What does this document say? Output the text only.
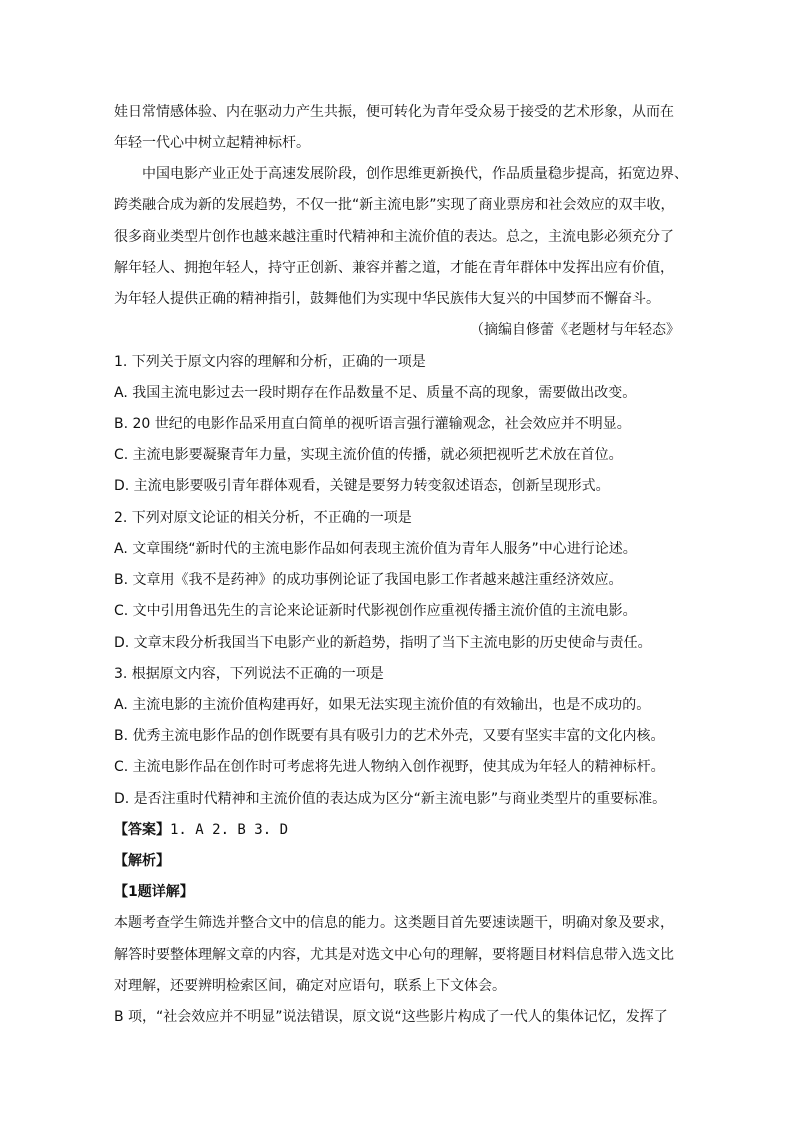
娃日常情感体验、内在驱动力产生共振，便可转化为青年受众易于接受的艺术形象，从而在
年轻一代心中树立起精神标杆。
中国电影产业正处于高速发展阶段，创作思维更新换代，作品质量稳步提高，拓宽边界、
跨类融合成为新的发展趋势，不仅一批“新主流电影”实现了商业票房和社会效应的双丰收，
很多商业类型片创作也越来越注重时代精神和主流价值的表达。总之，主流电影必须充分了
解年轻人、拥抱年轻人，持守正创新、兼容并蓄之道，才能在青年群体中发挥出应有价值，
为年轻人提供正确的精神指引，鼓舞他们为实现中华民族伟大复兴的中国梦而不懈奋斗。
（摘编自修蕾《老题材与年轻态》
1. 下列关于原文内容的理解和分析，正确的一项是
A. 我国主流电影过去一段时期存在作品数量不足、质量不高的现象，需要做出改变。
B. 20 世纪的电影作品采用直白简单的视听语言强行灌输观念，社会效应并不明显。
C. 主流电影要凝聚青年力量，实现主流价值的传播，就必须把视听艺术放在首位。
D. 主流电影要吸引青年群体观看，关键是要努力转变叙述语态，创新呈现形式。
2. 下列对原文论证的相关分析，不正确的一项是
A. 文章围绕“新时代的主流电影作品如何表现主流价值为青年人服务”中心进行论述。
B. 文章用《我不是药神》的成功事例论证了我国电影工作者越来越注重经济效应。
C. 文中引用鲁迅先生的言论来论证新时代影视创作应重视传播主流价值的主流电影。
D. 文章末段分析我国当下电影产业的新趋势，指明了当下主流电影的历史使命与责任。
3. 根据原文内容，下列说法不正确的一项是
A. 主流电影的主流价值构建再好，如果无法实现主流价值的有效输出，也是不成功的。
B. 优秀主流电影作品的创作既要有具有吸引力的艺术外壳，又要有坚实丰富的文化内核。
C. 主流电影作品在创作时可考虑将先进人物纳入创作视野，使其成为年轻人的精神标杆。
D. 是否注重时代精神和主流价值的表达成为区分“新主流电影”与商业类型片的重要标准。
【答案】1. A 2. B 3. D
【解析】
【1题详解】
本题考查学生筛选并整合文中的信息的能力。这类题目首先要速读题干，明确对象及要求，
解答时要整体理解文章的内容，尤其是对选文中心句的理解，要将题目材料信息带入选文比
对理解，还要辨明检索区间，确定对应语句，联系上下文体会。
B 项，“社会效应并不明显”说法错误，原文说“这些影片构成了一代人的集体记忆，发挥了
